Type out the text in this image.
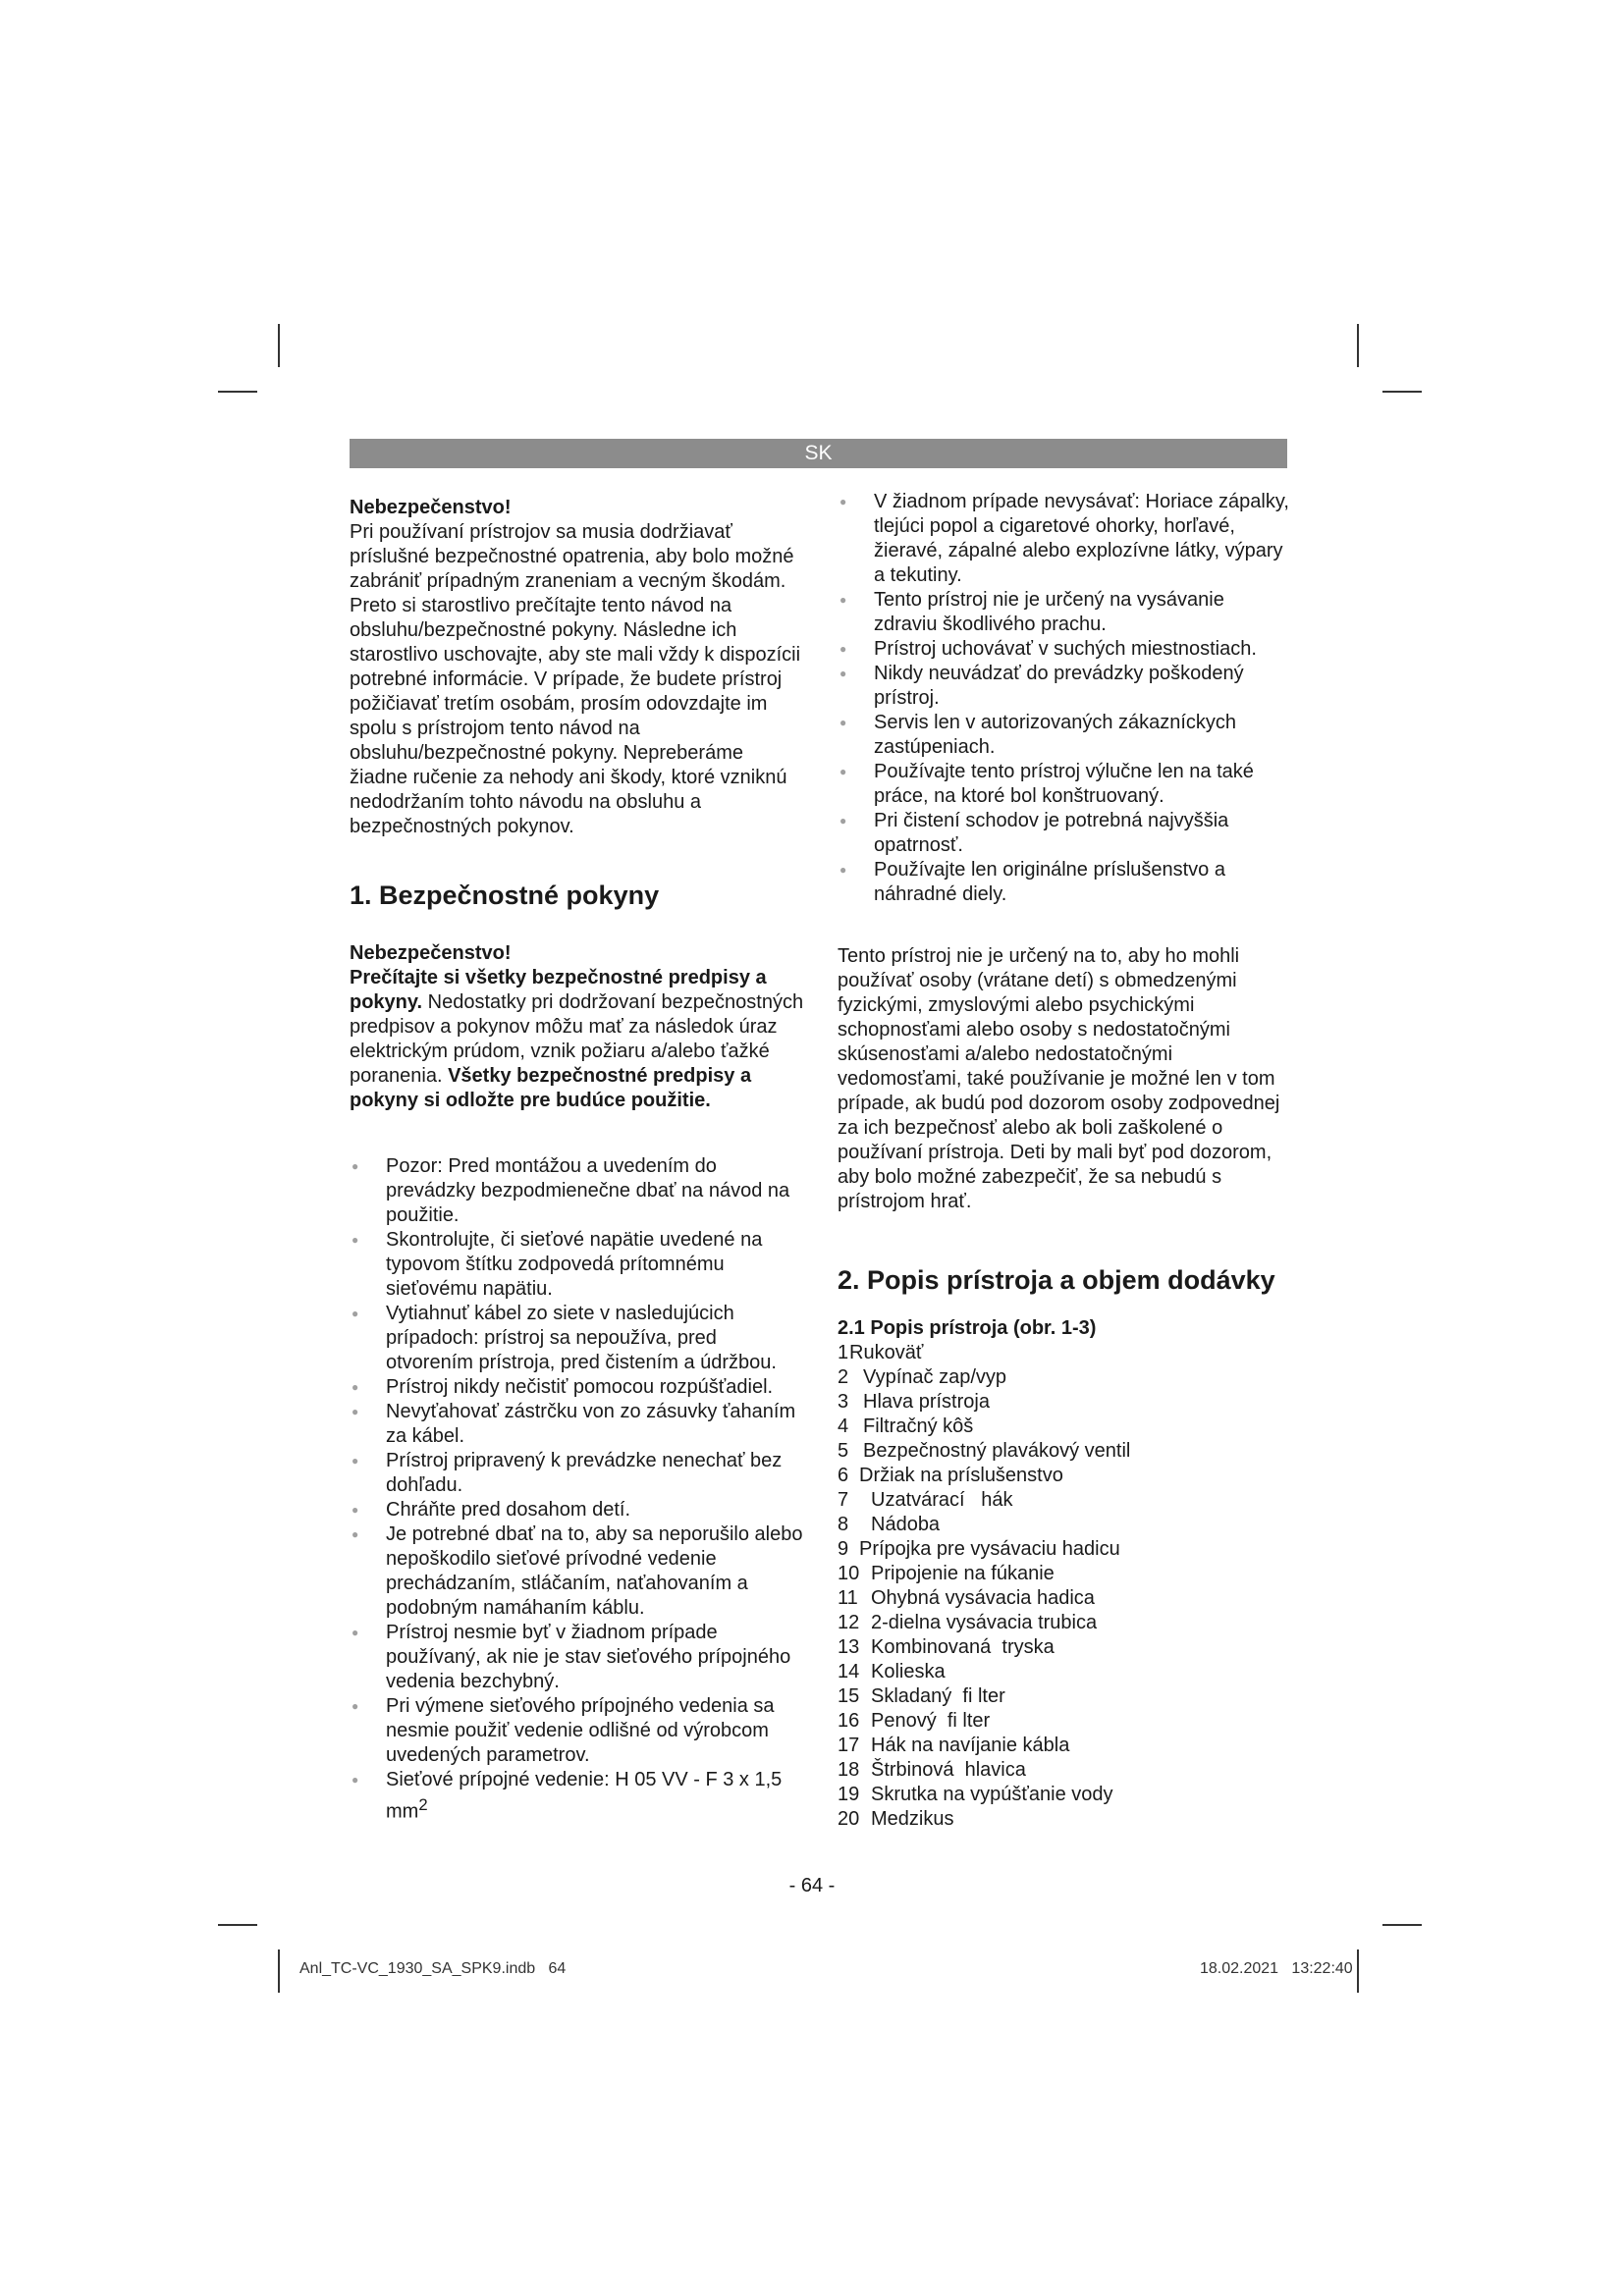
SK

Nebezpečenstvo!

Pri používaní prístrojov sa musia dodržiavať príslušné bezpečnostné opatrenia, aby bolo možné zabrániť prípadným zraneniam a vecným škodám. Preto si starostlivo prečítajte tento návod na obsluhu/bezpečnostné pokyny. Následne ich starostlivo uschovajte, aby ste mali vždy k dispozícii potrebné informácie. V prípade, že budete prístroj požičiavať tretím osobám, prosím odovzdajte im spolu s prístrojom tento návod na obsluhu/bezpečnostné pokyny. Nepreberáme žiadne ručenie za nehody ani škody, ktoré vzniknú nedodržaním tohto návodu na obsluhu a bezpečnostných pokynov.

1. Bezpečnostné pokyny

Nebezpečenstvo!

Prečítajte si všetky bezpečnostné predpisy a pokyny. Nedostatky pri dodržovaní bezpečnostných predpisov a pokynov môžu mať za následok úraz elektrickým prúdom, vznik požiaru a/alebo ťažké poranenia. Všetky bezpečnostné predpisy a pokyny si odložte pre budúce použitie.

● Pozor: Pred montážou a uvedením do prevádzky bezpodmienečne dbať na návod na použitie.
● Skontrolujte, či sieťové napätie uvedené na typovom štítku zodpovedá prítomnému sieťovému napätiu.
● Vytiahnuť kábel zo siete v nasledujúcich prípadoch: prístroj sa nepoužíva, pred otvorením prístroja, pred čistením a údržbou.
● Prístroj nikdy nečistiť pomocou rozpúšťadiel.
● Nevyťahovať zástrčku von zo zásuvky ťahaním za kábel.
● Prístroj pripravený k prevádzke nenechať bez dohľadu.
● Chráňte pred dosahom detí.
● Je potrebné dbať na to, aby sa neporušilo alebo nepoškodilo sieťové prívodné vedenie prechádzaním, stláčaním, naťahovaním a podobným namáhaním káblu.
● Prístroj nesmie byť v žiadnom prípade používaný, ak nie je stav sieťového prípojného vedenia bezchybný.
● Pri výmene sieťového prípojného vedenia sa nesmie použiť vedenie odlišné od výrobcom uvedených parametrov.
● Sieťové prípojné vedenie: H 05 VV - F 3 x 1,5 $mm^2$
● V žiadnom prípade nevysávať: Horiace zápalky, tlejúci popol a cigaretové ohorky, horľavé, žieravé, zápalné alebo explozívne látky, výpary a tekutiny.
● Tento prístroj nie je určený na vysávanie zdraviu škodlivého prachu.
● Prístroj uchovávať v suchých miestnostiach.
● Nikdy neuvádzať do prevádzky poškodený prístroj.
● Servis len v autorizovaných zákazníckych zastúpeniach.
● Používajte tento prístroj výlučne len na také práce, na ktoré bol konštruovaný.
● Pri čistení schodov je potrebná najvyššia opatrnosť.
● Používajte len originálne príslušenstvo a náhradné diely.

Tento prístroj nie je určený na to, aby ho mohli používať osoby (vrátane detí) s obmedzenými fyzickými, zmyslovými alebo psychickými schopnosťami alebo osoby s nedostatočnými skúsenosťami a/alebo nedostatočnými vedomosťami, také používanie je možné len v tom prípade, ak budú pod dozorom osoby zodpovednej za ich bezpečnosť alebo ak boli zaškolené o používaní prístroja. Deti by mali byť pod dozorom, aby bolo možné zabezpečiť, že sa nebudú s prístrojom hrať.

2. Popis prístroja a objem dodávky

2.1 Popis prístroja (obr. 1-3)

1 Rukoväť
2 Vypínač zap/vyp
3 Hlava prístroja
4 Filtračný kôš
5 Bezpečnostný plavákový ventil
6 Držiak na príslušenstvo
7	Uzatvárací   hák
8	Nádoba
9 Prípojka pre vysávaciu hadicu
10 Pripojenie na fúkanie
11 Ohybná vysávacia hadica
12 2-dielna vysávacia trubica
13 Kombinovaná  tryska
14 Kolieska
15 Skladaný  fi lter
16 Penový  fi lter
17 Hák na navíjanie kábla
18 Štrbinová  hlavica
19 Skrutka na vypúšťanie vody
20 Medzikus
- 64 -
Anl_TC-VC_1930_SA_SPK9.indb   64	18.02.2021   13:22:40
